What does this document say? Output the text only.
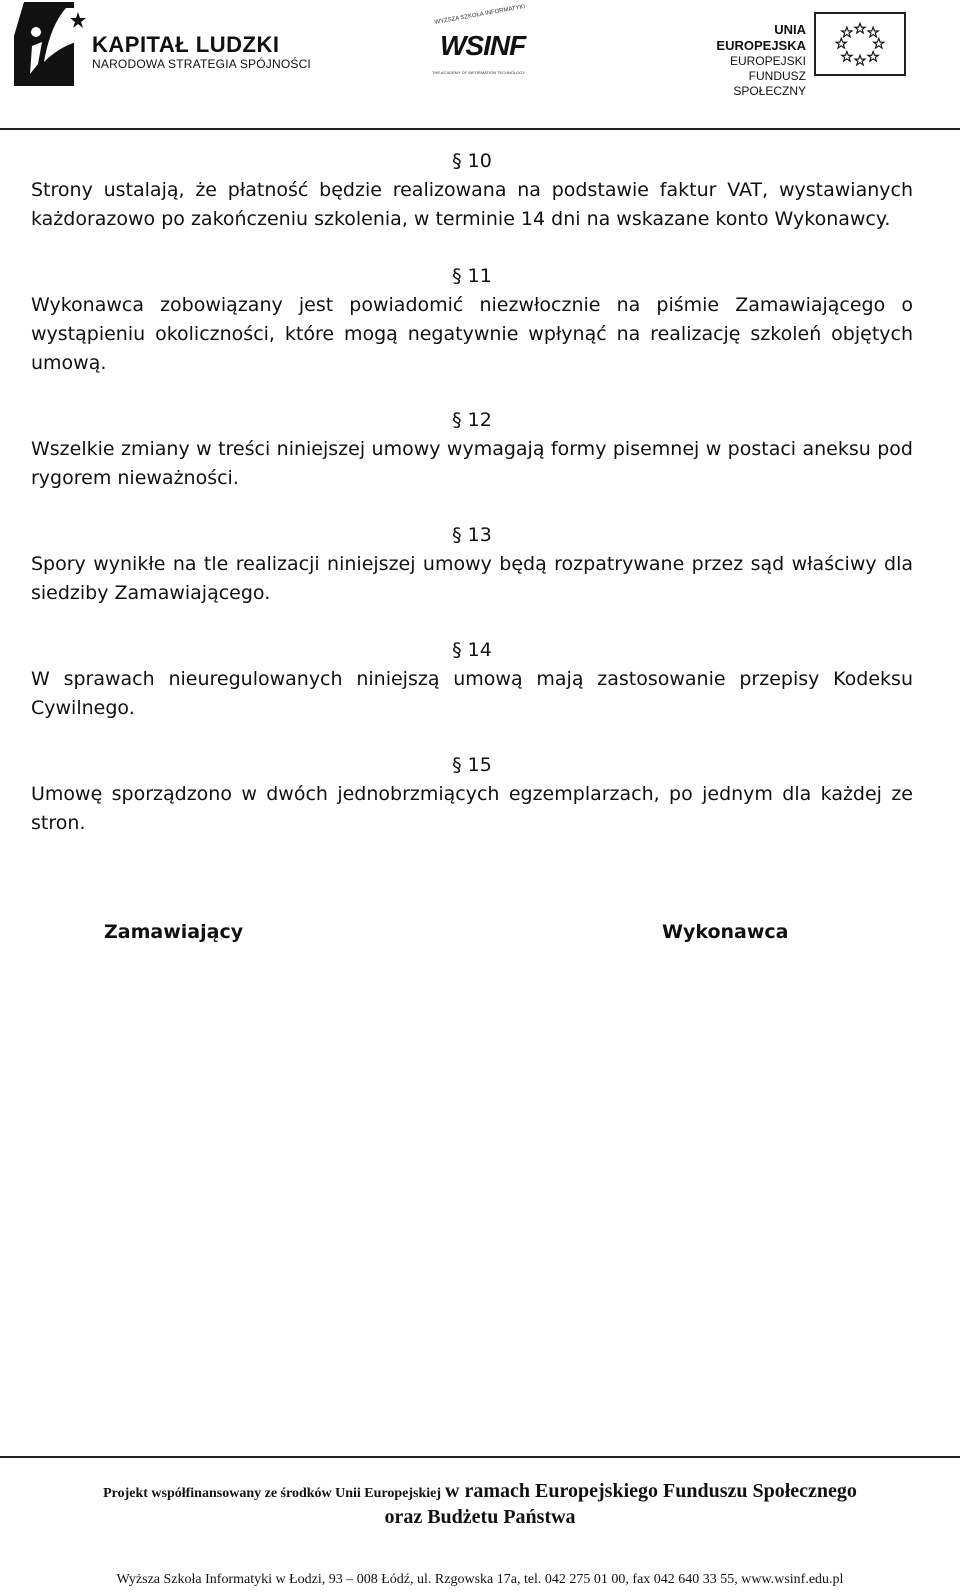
KAPITAŁ LUDZKI
NARODOWA STRATEGIA SPÓJNOŚCI
WYŻSZA SZKOŁA INFORMATYKI
WSINF
THE ACADEMY OF INFORMATION TECHNOLOGY
UNIA EUROPEJSKA
EUROPEJSKI
FUNDUSZ SPOŁECZNY

§ 10

Strony ustalają, że płatność będzie realizowana na podstawie faktur VAT, wystawianych każdorazowo po zakończeniu szkolenia, w terminie 14 dni na wskazane konto Wykonawcy.

§ 11

Wykonawca zobowiązany jest powiadomić niezwłocznie na piśmie Zamawiającego o wystąpieniu okoliczności, które mogą negatywnie wpłynąć na realizację szkoleń objętych umową.

§ 12

Wszelkie zmiany w treści niniejszej umowy wymagają formy pisemnej w postaci aneksu pod rygorem nieważności.

§ 13

Spory wynikłe na tle realizacji niniejszej umowy będą rozpatrywane przez sąd właściwy dla siedziby Zamawiającego.

§ 14

W sprawach nieuregulowanych niniejszą umową mają zastosowanie przepisy Kodeksu Cywilnego.

§ 15

Umowę sporządzono w dwóch jednobrzmiących egzemplarzach, po jednym dla każdej ze stron.

Zamawiający	Wykonawca
Projekt współfinansowany ze środków Unii Europejskiej w ramach Europejskiego Funduszu Społecznego
oraz Budżetu Państwa
Wyższa Szkoła Informatyki w Łodzi, 93 – 008 Łódź, ul. Rzgowska 17a, tel. 042 275 01 00, fax 042 640 33 55, www.wsinf.edu.pl
